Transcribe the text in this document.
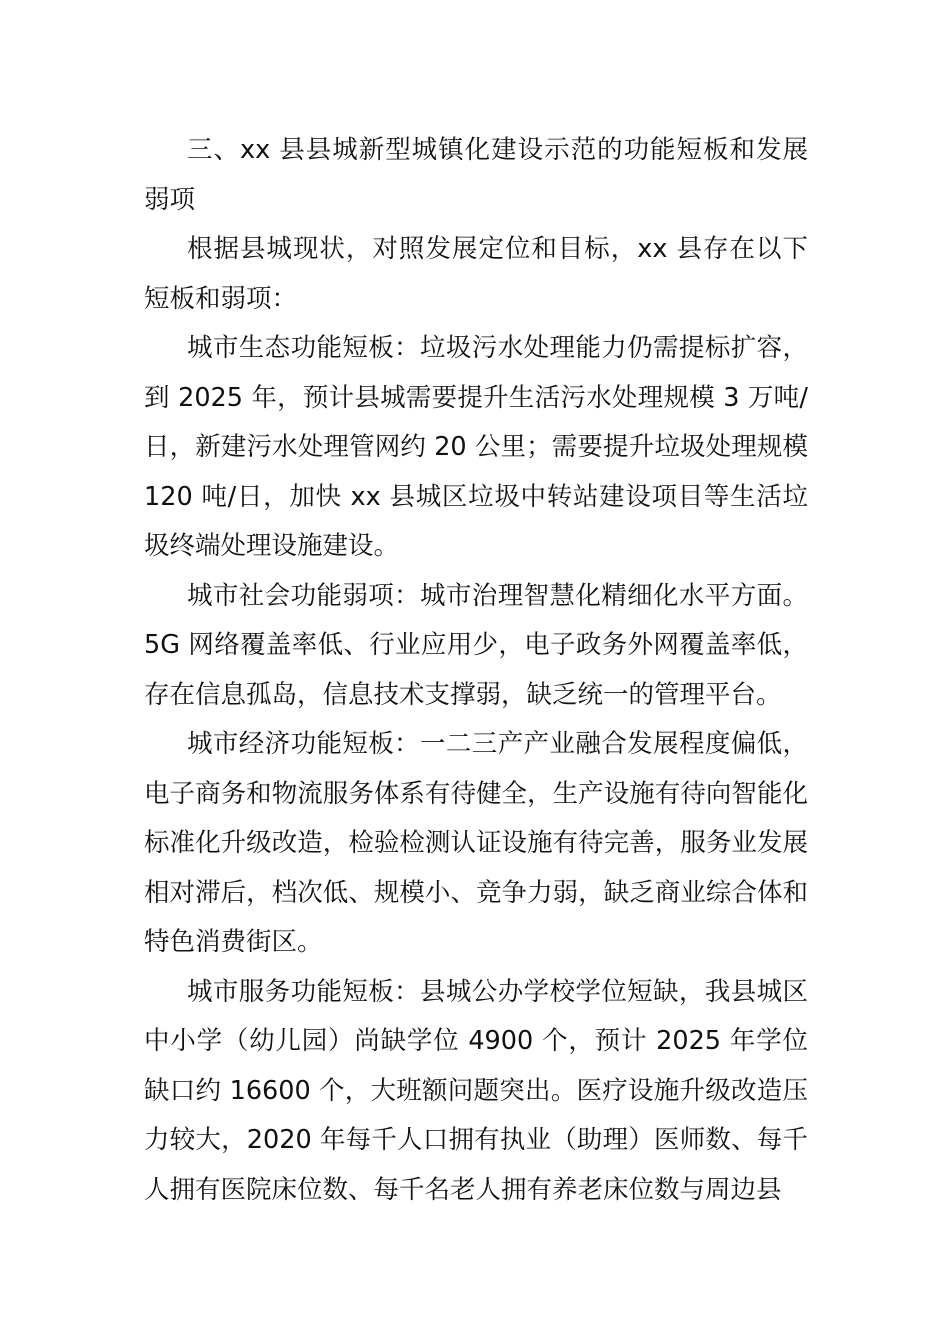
三、xx 县县城新型城镇化建设示范的功能短板和发展弱项

根据县城现状，对照发展定位和目标，xx 县存在以下短板和弱项：

城市生态功能短板：垃圾污水处理能力仍需提标扩容，到 2025 年，预计县城需要提升生活污水处理规模 3 万吨/日，新建污水处理管网约 20 公里；需要提升垃圾处理规模 120 吨/日，加快 xx 县城区垃圾中转站建设项目等生活垃圾终端处理设施建设。

城市社会功能弱项：城市治理智慧化精细化水平方面。5G 网络覆盖率低、行业应用少，电子政务外网覆盖率低，存在信息孤岛，信息技术支撑弱，缺乏统一的管理平台。

城市经济功能短板：一二三产产业融合发展程度偏低，电子商务和物流服务体系有待健全，生产设施有待向智能化标准化升级改造，检验检测认证设施有待完善，服务业发展相对滞后，档次低、规模小、竞争力弱，缺乏商业综合体和特色消费街区。

城市服务功能短板：县城公办学校学位短缺，我县城区中小学（幼儿园）尚缺学位 4900 个，预计 2025 年学位缺口约 16600 个，大班额问题突出。医疗设施升级改造压力较大，2020 年每千人口拥有执业（助理）医师数、每千人拥有医院床位数、每千名老人拥有养老床位数与周边县
